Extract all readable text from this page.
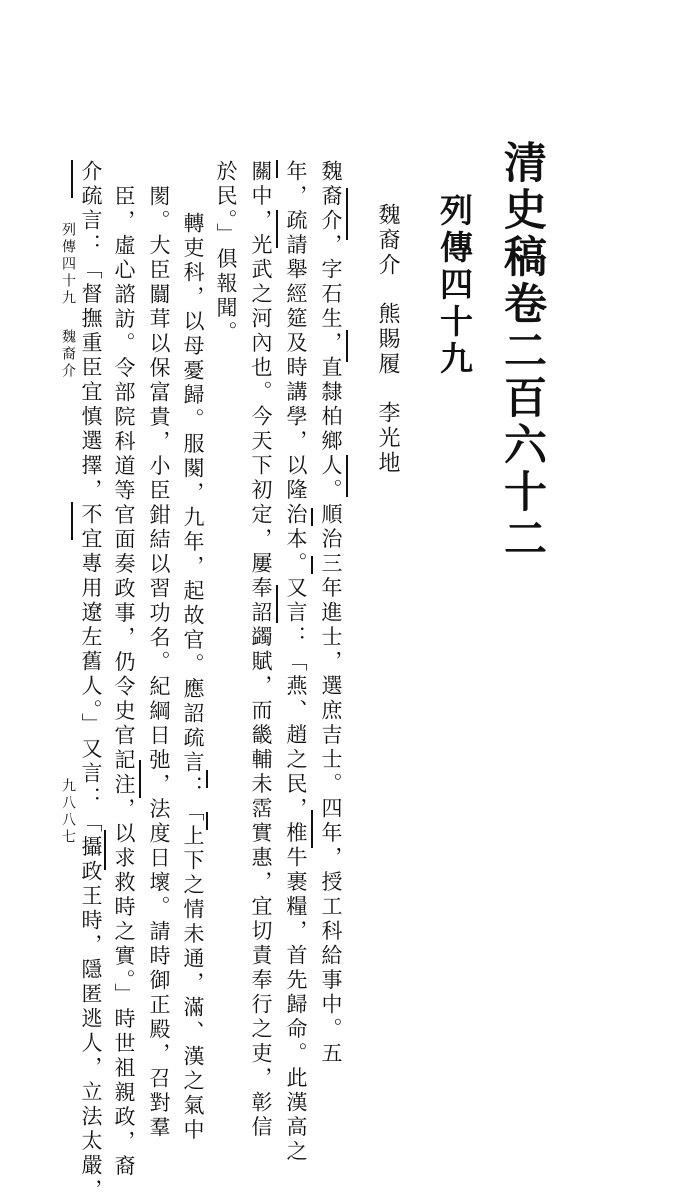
清史稿卷二百六十二
列傳四十九
魏裔介熊賜履李光地
魏裔介，字石生，直隸柏鄉人。順治三年進士，選庶吉士。四年，授工科給事中。五
年，疏請舉經筵及時講學，以隆治本。又言：「燕、趙之民，椎牛裹糧，首先歸命。此漢高之
關中，光武之河內也。今天下初定，屢奉詔蠲賦，而畿輔未霑實惠，宜切責奉行之吏，彰信
於民。」俱報聞。
轉吏科，以母憂歸。服闋，九年，起故官。應詔疏言：「上下之情未通，滿、漢之氣中
閡。大臣闒茸以保富貴，小臣鉗結以習功名。紀綱日弛，法度日壞。請時御正殿，召對羣
臣，虛心諮訪。令部院科道等官面奏政事，仍令史官記注，以求救時之實。」時世祖親政，裔
介疏言：「督撫重臣宜慎選擇，不宜專用遼左舊人。」又言：「攝政王時，隱匿逃人，立法太嚴，
列傳四十九魏裔介
九八八七
